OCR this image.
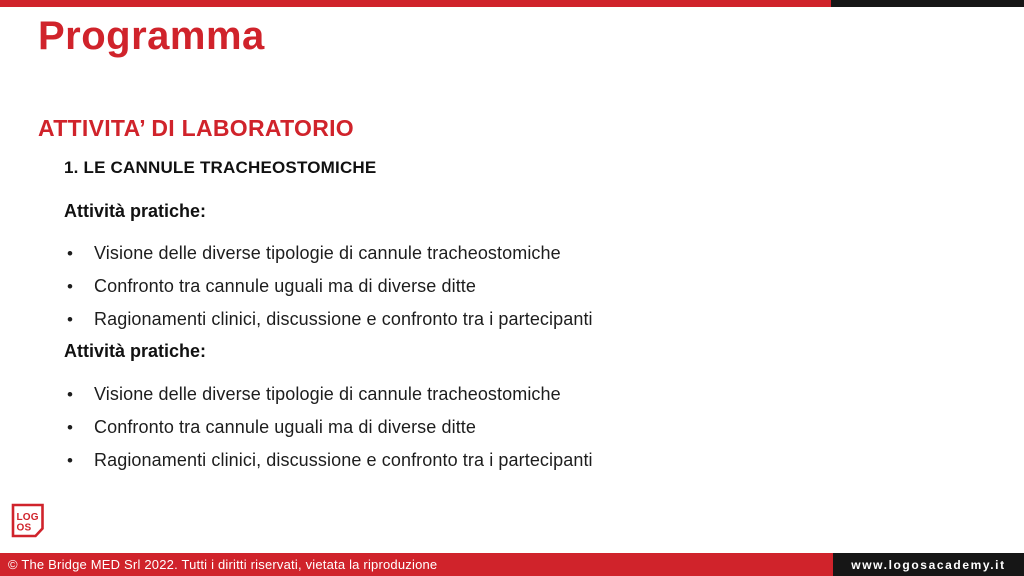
Programma
ATTIVITA’ DI LABORATORIO
1. LE CANNULE TRACHEOSTOMICHE
Attività pratiche:
• Visione delle diverse tipologie di cannule tracheostomiche
• Confronto tra cannule uguali ma di diverse ditte
• Ragionamenti clinici, discussione e confronto tra i partecipanti
Attività pratiche:
• Visione delle diverse tipologie di cannule tracheostomiche
• Confronto tra cannule uguali ma di diverse ditte
• Ragionamenti clinici, discussione e confronto tra i partecipanti
LOG
OS
© The Bridge MED Srl 2022. Tutti i diritti riservati, vietata la riproduzione	www.logosacademy.it
